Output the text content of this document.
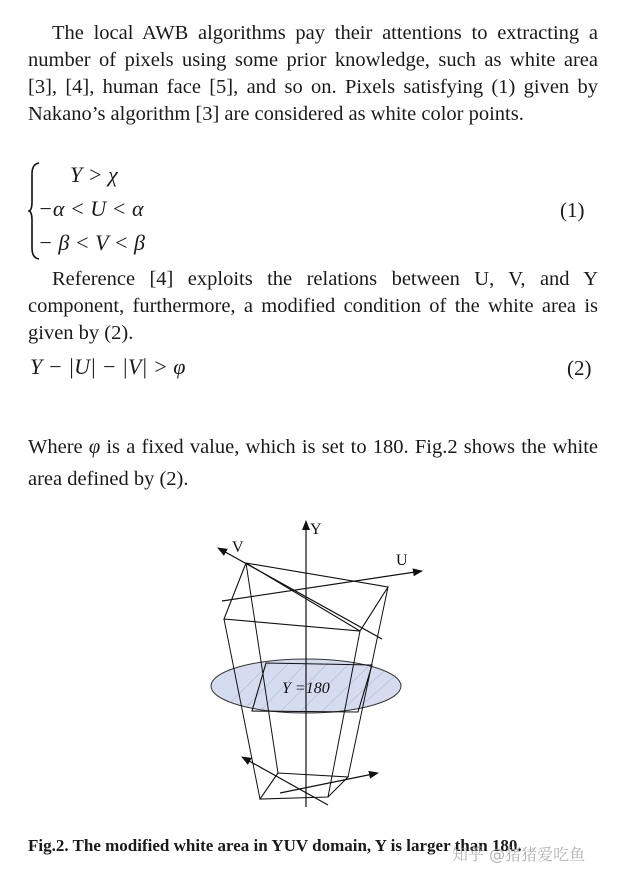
The local AWB algorithms pay their attentions to extracting a number of pixels using some prior knowledge, such as white area [3], [4], human face [5], and so on. Pixels satisfying (1) given by Nakano’s algorithm [3] are considered as white color points.

Y > χ
−α < U < α
− β < V < β
(1)

Reference [4] exploits the relations between U, V, and Y component, furthermore, a modified condition of the white area is given by (2).

Y − |U| − |V| > φ	(2)

Where φ is a fixed value, which is set to 180. Fig.2 shows the white area defined by (2).

Y
V
U
Y =180
Fig.2. The modified white area in YUV domain, Y is larger than 180.
知乎 @猪猪爱吃鱼
